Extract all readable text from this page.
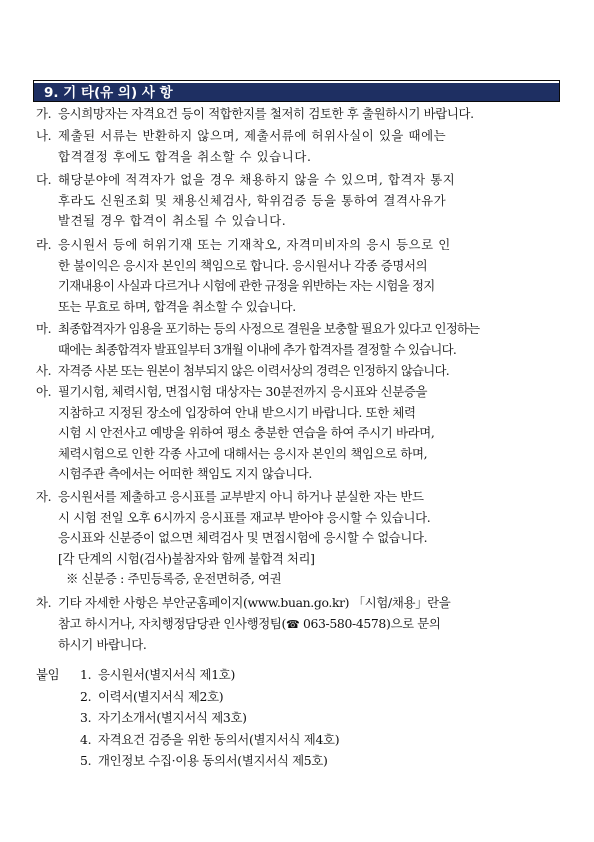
9. 기 타(유 의) 사 항
가. 응시희망자는 자격요건 등이 적합한지를 철저히 검토한 후 출원하시기 바랍니다.
나. 제출된 서류는 반환하지 않으며, 제출서류에 허위사실이 있을 때에는
합격결정 후에도 합격을 취소할 수 있습니다.
다. 해당분야에 적격자가 없을 경우 채용하지 않을 수 있으며, 합격자 통지
후라도 신원조회 및 채용신체검사, 학위검증 등을 통하여 결격사유가
발견될 경우 합격이 취소될 수 있습니다.
라. 응시원서 등에 허위기재 또는 기재착오, 자격미비자의 응시 등으로 인
한 불이익은 응시자 본인의 책임으로 합니다. 응시원서나 각종 증명서의
기재내용이 사실과 다르거나 시험에 관한 규정을 위반하는 자는 시험을 정지
또는 무효로 하며, 합격을 취소할 수 있습니다.
마. 최종합격자가 임용을 포기하는 등의 사정으로 결원을 보충할 필요가 있다고 인정하는
때에는 최종합격자 발표일부터 3개월 이내에 추가 합격자를 결정할 수 있습니다.
사. 자격증 사본 또는 원본이 첨부되지 않은 이력서상의 경력은 인정하지 않습니다.
아. 필기시험, 체력시험, 면접시험 대상자는 30분전까지 응시표와 신분증을
지참하고 지정된 장소에 입장하여 안내 받으시기 바랍니다. 또한 체력
시험 시 안전사고 예방을 위하여 평소 충분한 연습을 하여 주시기 바라며,
체력시험으로 인한 각종 사고에 대해서는 응시자 본인의 책임으로 하며,
시험주관 측에서는 어떠한 책임도 지지 않습니다.
자. 응시원서를 제출하고 응시표를 교부받지 아니 하거나 분실한 자는 반드
시 시험 전일 오후 6시까지 응시표를 재교부 받아야 응시할 수 있습니다.
응시표와 신분증이 없으면 체력검사 및 면접시험에 응시할 수 없습니다.
[각 단계의 시험(검사)불참자와 함께 불합격 처리]
※ 신분증 : 주민등록증, 운전면허증, 여권
차. 기타 자세한 사항은 부안군홈페이지(www.buan.go.kr) 「시험/채용」란을
참고 하시거나, 자치행정담당관 인사행정팀(☎ 063-580-4578)으로 문의
하시기 바랍니다.
붙임	1. 응시원서(별지서식 제1호)
2. 이력서(별지서식 제2호)
3. 자기소개서(별지서식 제3호)
4. 자격요건 검증을 위한 동의서(별지서식 제4호)
5. 개인정보 수집·이용 동의서(별지서식 제5호)
